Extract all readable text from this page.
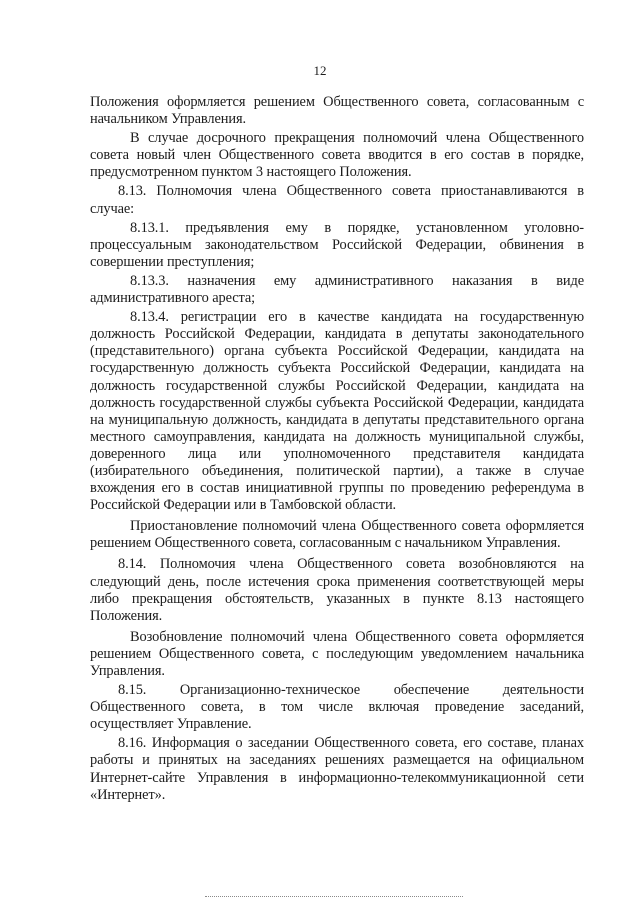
12

Положения оформляется решением Общественного совета, согласованным с начальником Управления.

В случае досрочного прекращения полномочий члена Общественного совета новый член Общественного совета вводится в его состав в порядке, предусмотренном пунктом 3 настоящего Положения.

8.13. Полномочия члена Общественного совета приостанавливаются в случае:

8.13.1. предъявления ему в порядке, установленном уголовно-процессуальным законодательством Российской Федерации, обвинения в совершении преступления;

8.13.3. назначения ему административного наказания в виде административного ареста;

8.13.4. регистрации его в качестве кандидата на государственную должность Российской Федерации, кандидата в депутаты законодательного (представительного) органа субъекта Российской Федерации, кандидата на государственную должность субъекта Российской Федерации, кандидата на должность государственной службы Российской Федерации, кандидата на должность государственной службы субъекта Российской Федерации, кандидата на муниципальную должность, кандидата в депутаты представительного органа местного самоуправления, кандидата на должность муниципальной службы, доверенного лица или уполномоченного представителя кандидата (избирательного объединения, политической партии), а также в случае вхождения его в состав инициативной группы по проведению референдума в Российской Федерации или в Тамбовской области.

Приостановление полномочий члена Общественного совета оформляется решением Общественного совета, согласованным с начальником Управления.

8.14. Полномочия члена Общественного совета возобновляются на следующий день, после истечения срока применения соответствующей меры либо прекращения обстоятельств, указанных в пункте 8.13 настоящего Положения.

Возобновление полномочий члена Общественного совета оформляется решением Общественного совета, с последующим уведомлением начальника Управления.

8.15. Организационно-техническое обеспечение деятельности Общественного совета, в том числе включая проведение заседаний, осуществляет Управление.

8.16. Информация о заседании Общественного совета, его составе, планах работы и принятых на заседаниях решениях размещается на официальном Интернет-сайте Управления в информационно-телекоммуникационной сети «Интернет».
